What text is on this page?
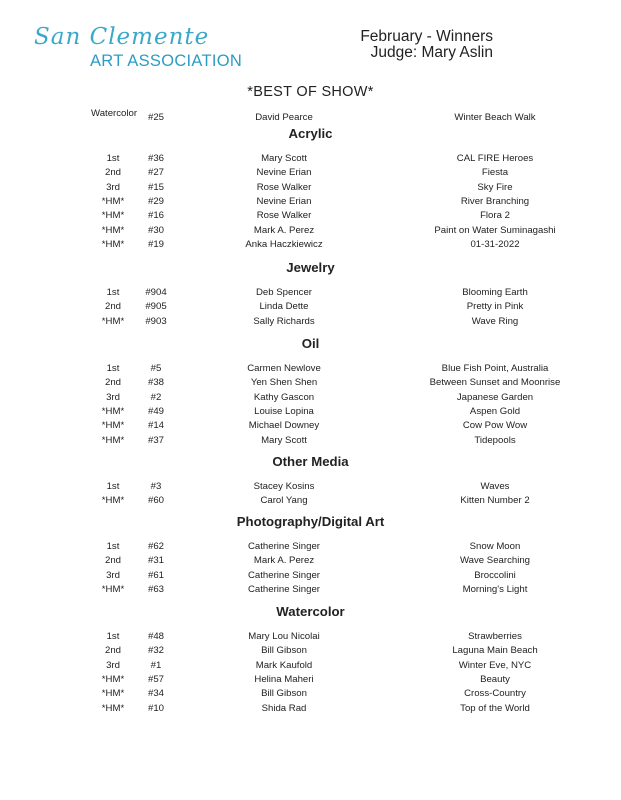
San Clemente
ART ASSOCIATION
February - Winners
Judge: Mary Aslin
*BEST OF SHOW*
Watercolor	#25	David Pearce	Winter Beach Walk
Acrylic
1st	#36	Mary Scott	CAL FIRE Heroes
2nd	#27	Nevine Erian	Fiesta
3rd	#15	Rose Walker	Sky Fire
*HM*	#29	Nevine Erian	River Branching
*HM*	#16	Rose Walker	Flora 2
*HM*	#30	Mark A. Perez	Paint on Water Suminagashi
*HM*	#19	Anka Haczkiewicz	01-31-2022
Jewelry
1st	#904	Deb Spencer	Blooming Earth
2nd	#905	Linda Dette	Pretty in Pink
*HM*	#903	Sally Richards	Wave Ring
Oil
1st	#5	Carmen Newlove	Blue Fish Point, Australia
2nd	#38	Yen Shen Shen	Between Sunset and Moonrise
3rd	#2	Kathy Gascon	Japanese Garden
*HM*	#49	Louise Lopina	Aspen Gold
*HM*	#14	Michael Downey	Cow Pow Wow
*HM*	#37	Mary Scott	Tidepools
Other Media
1st	#3	Stacey Kosins	Waves
*HM*	#60	Carol Yang	Kitten Number 2
Photography/Digital Art
1st	#62	Catherine Singer	Snow Moon
2nd	#31	Mark A. Perez	Wave Searching
3rd	#61	Catherine Singer	Broccolini
*HM*	#63	Catherine Singer	Morning's Light
Watercolor
1st	#48	Mary Lou Nicolai	Strawberries
2nd	#32	Bill Gibson	Laguna Main Beach
3rd	#1	Mark Kaufold	Winter Eve, NYC
*HM*	#57	Helina Maheri	Beauty
*HM*	#34	Bill Gibson	Cross-Country
*HM*	#10	Shida Rad	Top of the World
